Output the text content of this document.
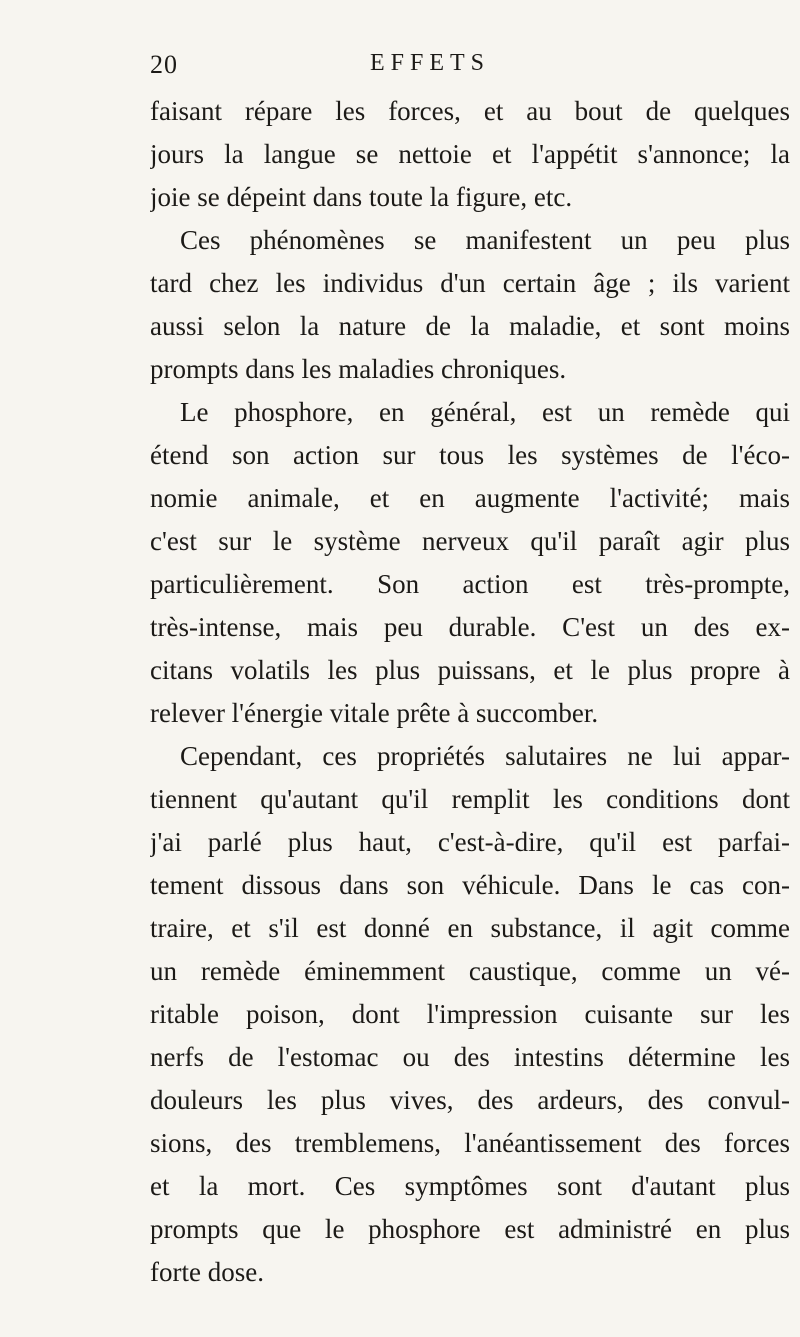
20	EFFETS
faisant répare les forces, et au bout de quelques
jours la langue se nettoie et l'appétit s'annonce; la
joie se dépeint dans toute la figure, etc.
Ces phénomènes se manifestent un peu plus
tard chez les individus d'un certain âge ; ils varient
aussi selon la nature de la maladie, et sont moins
prompts dans les maladies chroniques.
Le phosphore, en général, est un remède qui
étend son action sur tous les systèmes de l'éco-
nomie animale, et en augmente l'activité; mais
c'est sur le système nerveux qu'il paraît agir plus
particulièrement. Son action est très-prompte,
très-intense, mais peu durable. C'est un des ex-
citans volatils les plus puissans, et le plus propre à
relever l'énergie vitale prête à succomber.
Cependant, ces propriétés salutaires ne lui appar-
tiennent qu'autant qu'il remplit les conditions dont
j'ai parlé plus haut, c'est-à-dire, qu'il est parfai-
tement dissous dans son véhicule. Dans le cas con-
traire, et s'il est donné en substance, il agit comme
un remède éminemment caustique, comme un vé-
ritable poison, dont l'impression cuisante sur les
nerfs de l'estomac ou des intestins détermine les
douleurs les plus vives, des ardeurs, des convul-
sions, des tremblemens, l'anéantissement des forces
et la mort. Ces symptômes sont d'autant plus
prompts que le phosphore est administré en plus
forte dose.
